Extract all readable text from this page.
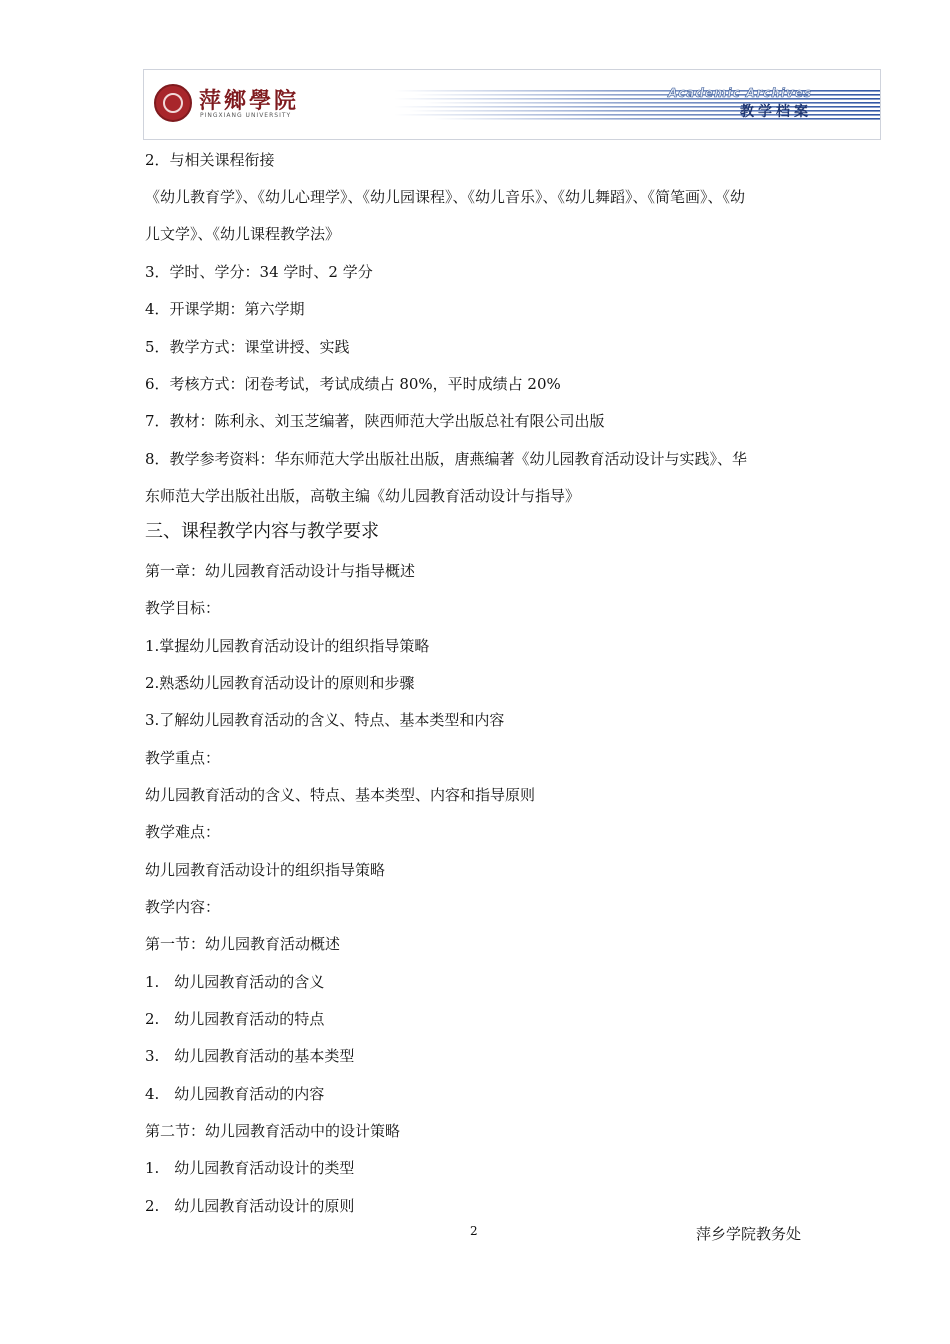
萍鄉學院
PINGXIANG UNIVERSITY
Academic Archives
教学档案
2．与相关课程衔接
《幼儿教育学》、《幼儿心理学》、《幼儿园课程》、《幼儿音乐》、《幼儿舞蹈》、《简笔画》、《幼
儿文学》、《幼儿课程教学法》
3．学时、学分：34 学时、2 学分
4．开课学期：第六学期
5．教学方式：课堂讲授、实践
6．考核方式：闭卷考试，考试成绩占 80%，平时成绩占 20%
7．教材：陈利永、刘玉芝编著，陕西师范大学出版总社有限公司出版
8．教学参考资料：华东师范大学出版社出版，唐燕编著《幼儿园教育活动设计与实践》、华
东师范大学出版社出版，高敬主编《幼儿园教育活动设计与指导》
三、课程教学内容与教学要求
第一章：幼儿园教育活动设计与指导概述
教学目标：
1.掌握幼儿园教育活动设计的组织指导策略
2.熟悉幼儿园教育活动设计的原则和步骤
3.了解幼儿园教育活动的含义、特点、基本类型和内容
教学重点：
幼儿园教育活动的含义、特点、基本类型、内容和指导原则
教学难点：
幼儿园教育活动设计的组织指导策略
教学内容：
第一节：幼儿园教育活动概述
1.　幼儿园教育活动的含义
2.　幼儿园教育活动的特点
3.　幼儿园教育活动的基本类型
4.　幼儿园教育活动的内容
第二节：幼儿园教育活动中的设计策略
1.　幼儿园教育活动设计的类型
2.　幼儿园教育活动设计的原则
2	萍乡学院教务处
